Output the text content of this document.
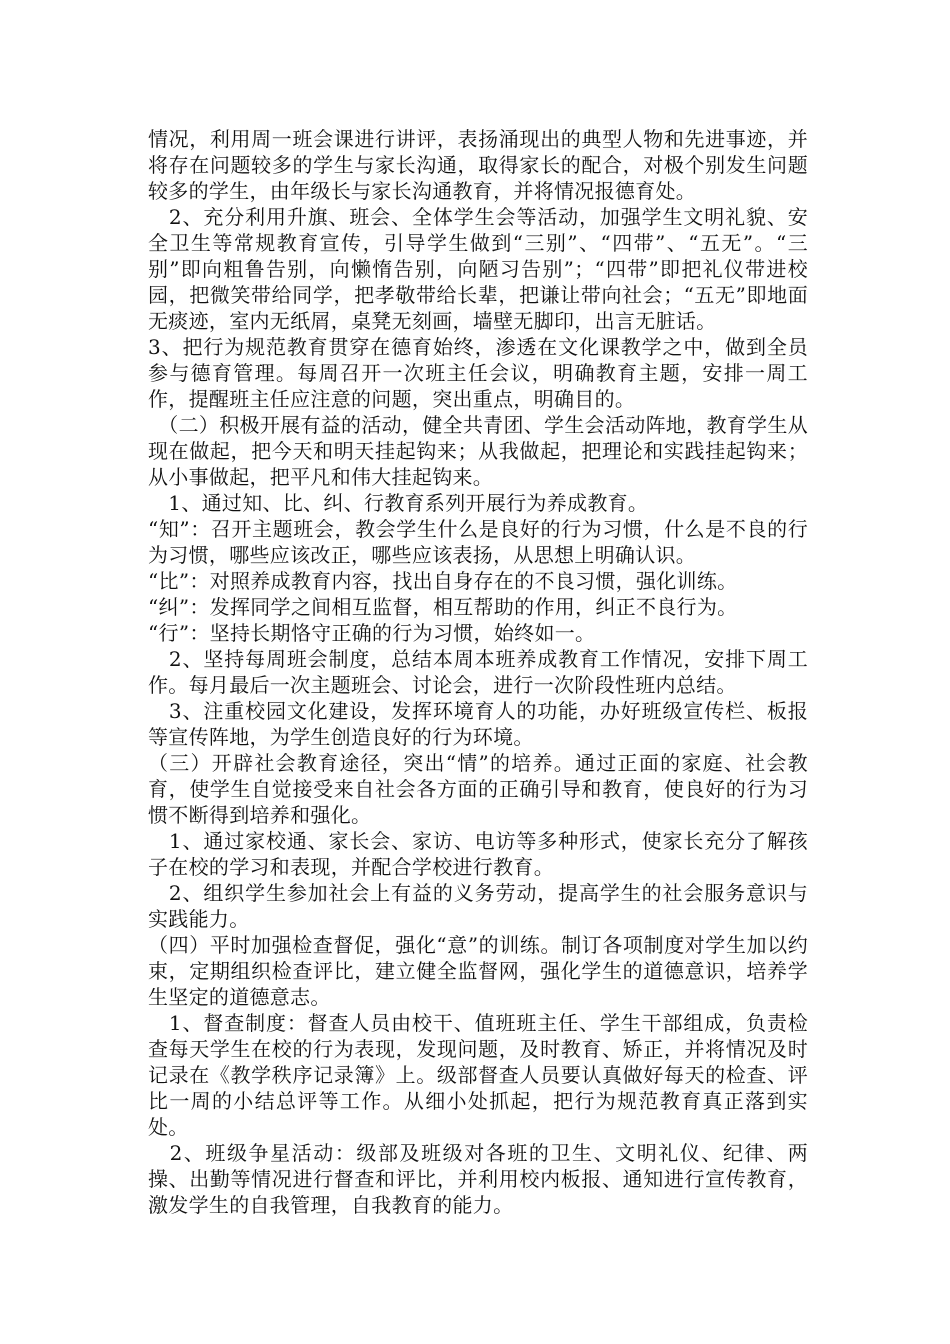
情况，利用周一班会课进行讲评，表扬涌现出的典型人物和先进事迹，并将存在问题较多的学生与家长沟通，取得家长的配合，对极个别发生问题较多的学生，由年级长与家长沟通教育，并将情况报德育处。

　2、充分利用升旗、班会、全体学生会等活动，加强学生文明礼貌、安全卫生等常规教育宣传，引导学生做到“三别”、“四带”、“五无”。“三别”即向粗鲁告别，向懒惰告别，向陋习告别”；“四带”即把礼仪带进校园，把微笑带给同学，把孝敬带给长辈，把谦让带向社会；“五无”即地面无痰迹，室内无纸屑，桌凳无刻画，墙壁无脚印，出言无脏话。

3、把行为规范教育贯穿在德育始终，渗透在文化课教学之中，做到全员参与德育管理。每周召开一次班主任会议，明确教育主题，安排一周工作，提醒班主任应注意的问题，突出重点，明确目的。

　（二）积极开展有益的活动，健全共青团、学生会活动阵地，教育学生从现在做起，把今天和明天挂起钩来；从我做起，把理论和实践挂起钩来；从小事做起，把平凡和伟大挂起钩来。

　1、通过知、比、纠、行教育系列开展行为养成教育。

“知”：召开主题班会，教会学生什么是良好的行为习惯，什么是不良的行为习惯，哪些应该改正，哪些应该表扬，从思想上明确认识。

“比”：对照养成教育内容，找出自身存在的不良习惯，强化训练。

“纠”：发挥同学之间相互监督，相互帮助的作用，纠正不良行为。

“行”：坚持长期恪守正确的行为习惯，始终如一。

　2、坚持每周班会制度，总结本周本班养成教育工作情况，安排下周工作。每月最后一次主题班会、讨论会，进行一次阶段性班内总结。

　3、注重校园文化建设，发挥环境育人的功能，办好班级宣传栏、板报等宣传阵地，为学生创造良好的行为环境。

（三）开辟社会教育途径，突出“情”的培养。通过正面的家庭、社会教育，使学生自觉接受来自社会各方面的正确引导和教育，使良好的行为习惯不断得到培养和强化。

　1、通过家校通、家长会、家访、电访等多种形式，使家长充分了解孩子在校的学习和表现，并配合学校进行教育。

　2、组织学生参加社会上有益的义务劳动，提高学生的社会服务意识与实践能力。

（四）平时加强检查督促，强化“意”的训练。制订各项制度对学生加以约束，定期组织检查评比，建立健全监督网，强化学生的道德意识，培养学生坚定的道德意志。

　1、督查制度：督查人员由校干、值班班主任、学生干部组成，负责检查每天学生在校的行为表现，发现问题，及时教育、矫正，并将情况及时记录在《教学秩序记录簿》上。级部督查人员要认真做好每天的检查、评比一周的小结总评等工作。从细小处抓起，把行为规范教育真正落到实处。

　2、班级争星活动：级部及班级对各班的卫生、文明礼仪、纪律、两操、出勤等情况进行督查和评比，并利用校内板报、通知进行宣传教育，激发学生的自我管理，自我教育的能力。
